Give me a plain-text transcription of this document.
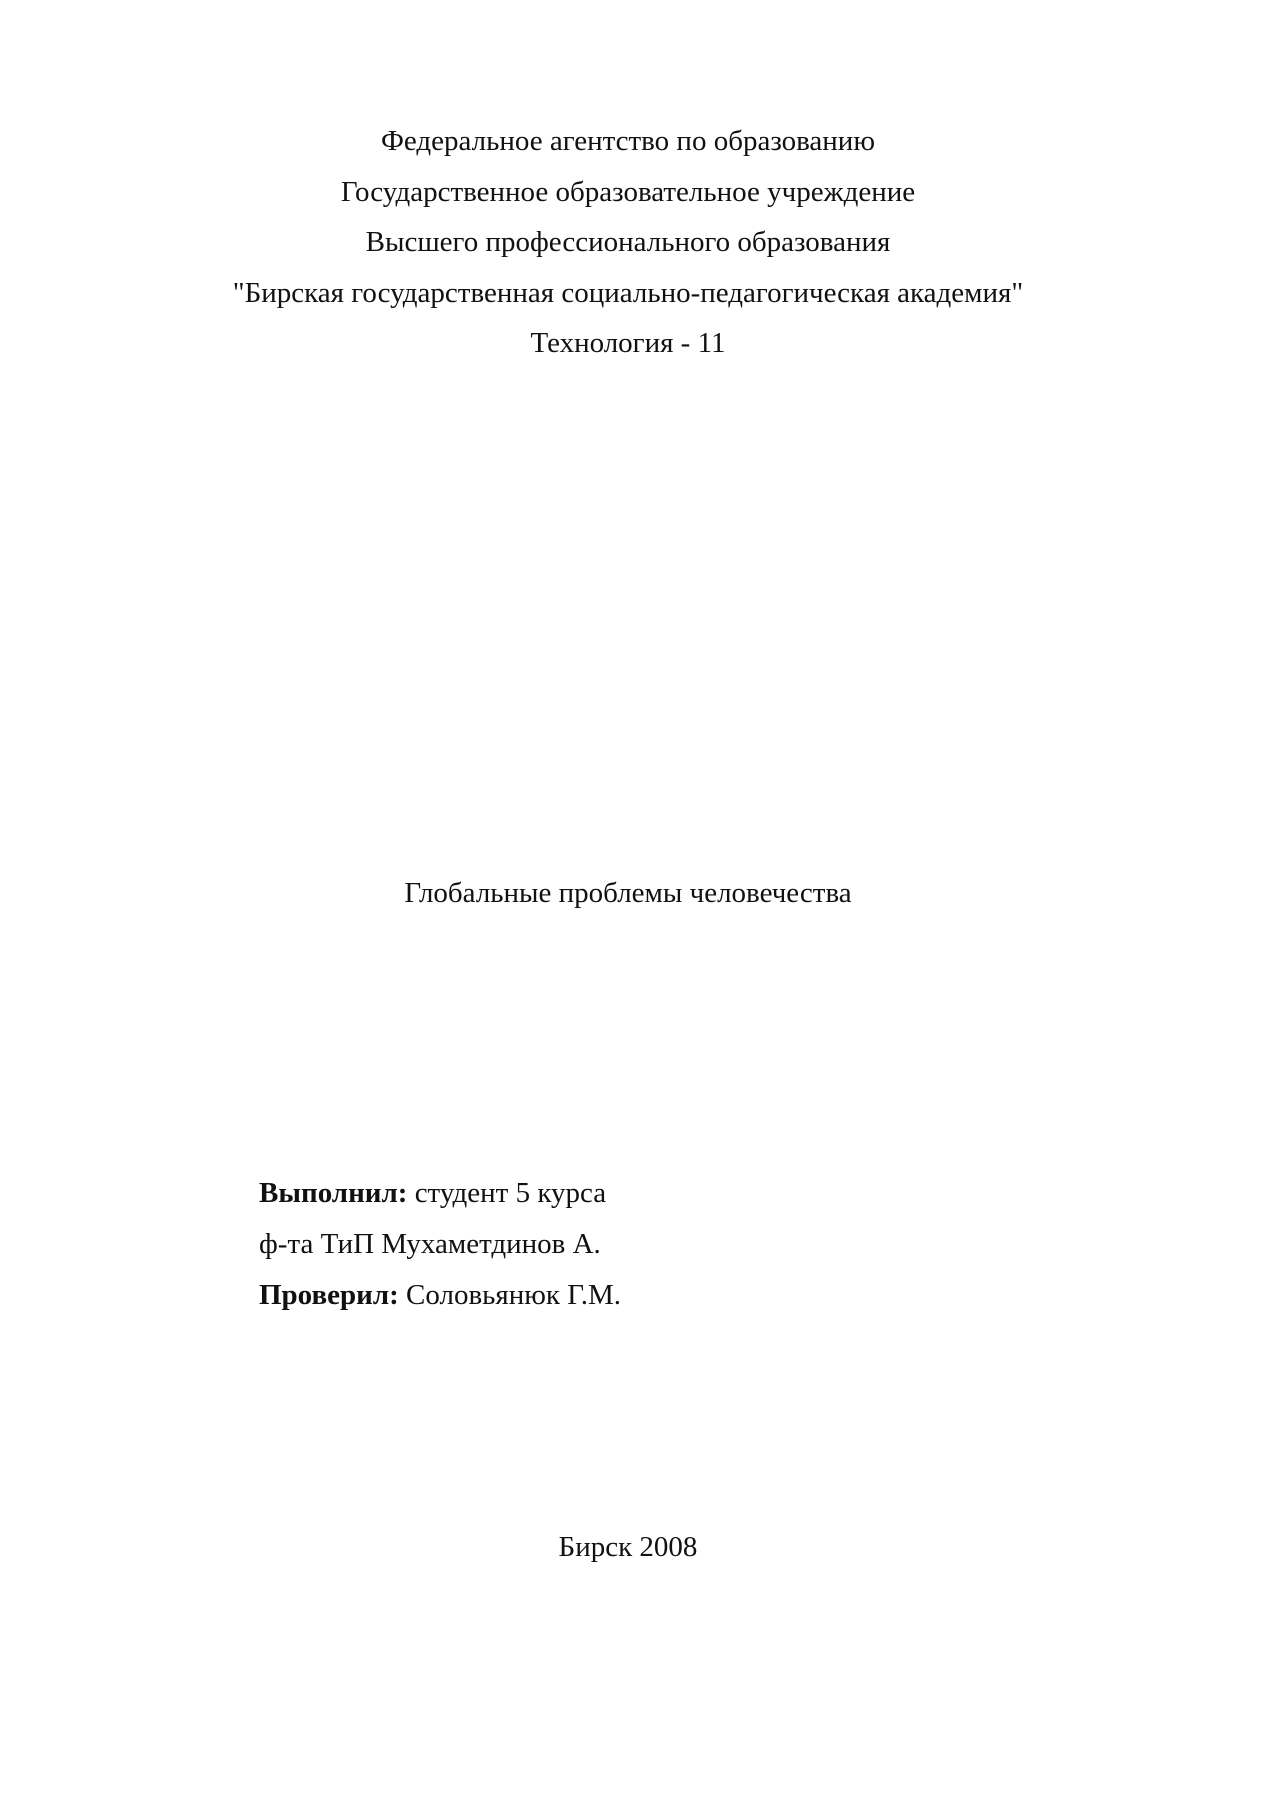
Федеральное агентство по образованию
Государственное образовательное учреждение
Высшего профессионального образования
"Бирская государственная социально-педагогическая академия"
Технология - 11
Глобальные проблемы человечества
Выполнил: студент 5 курса
ф-та ТиП Мухаметдинов А.
Проверил: Соловьянюк Г.М.
Бирск 2008
